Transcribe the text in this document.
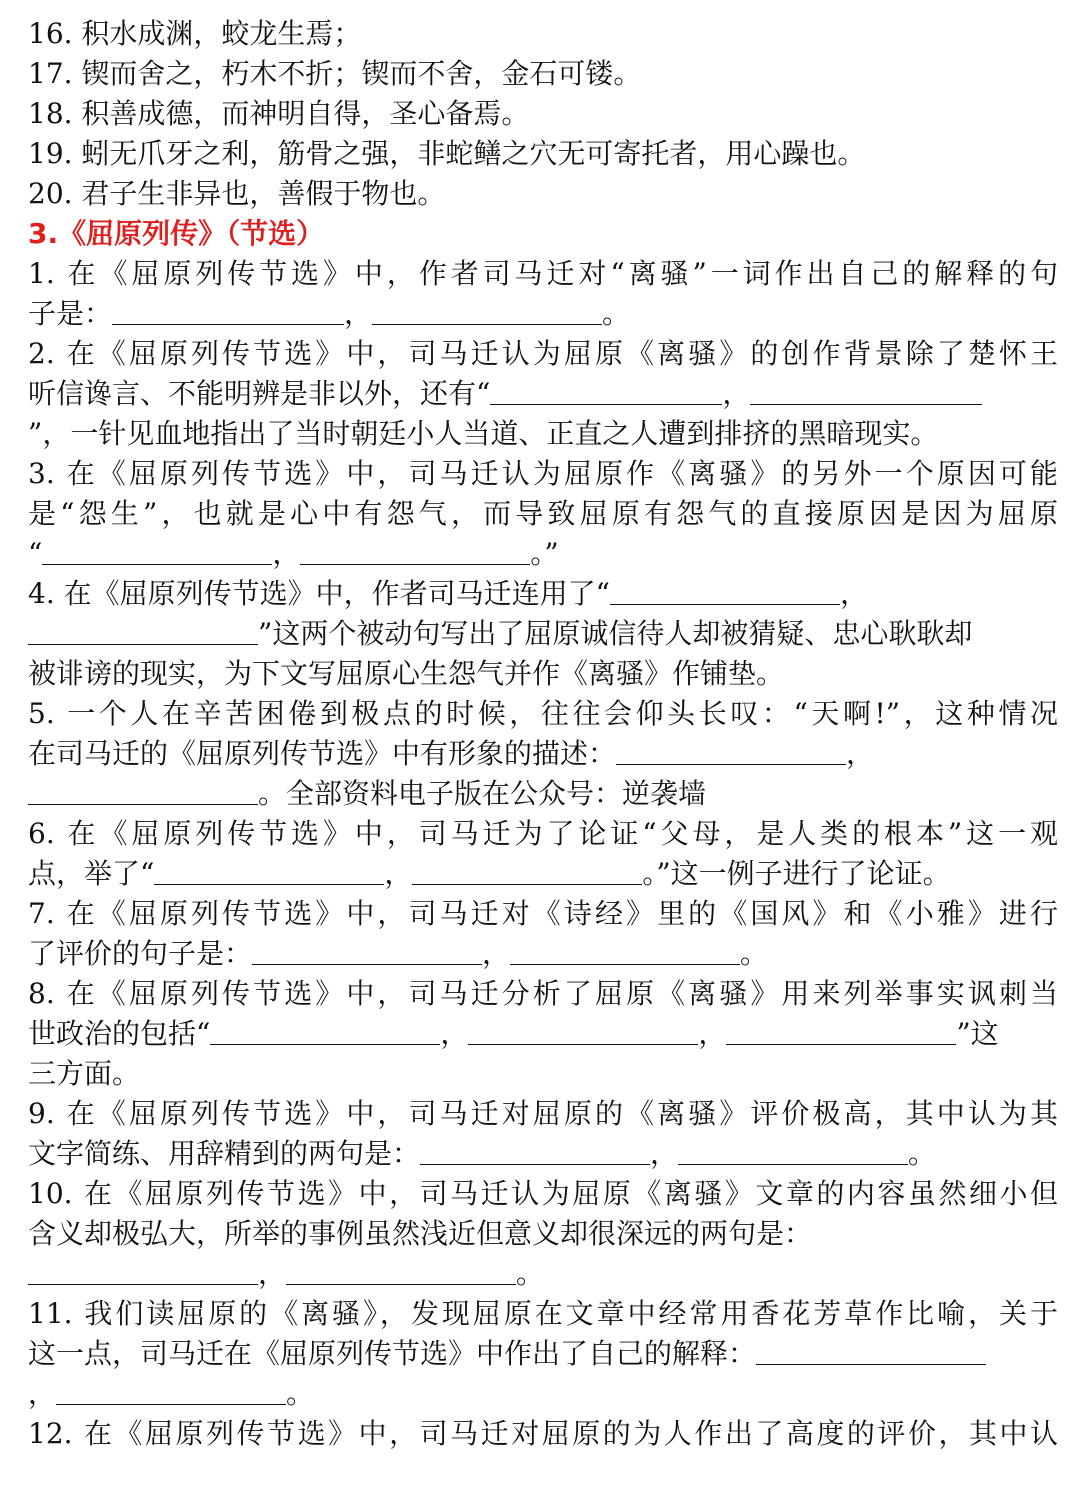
16. 积水成渊，蛟龙生焉；
17. 锲而舍之，朽木不折；锲而不舍，金石可镂。
18. 积善成德，而神明自得，圣心备焉。
19. 蚓无爪牙之利，筋骨之强，非蛇鳝之穴无可寄托者，用心躁也。
20. 君子生非异也，善假于物也。
3.《屈原列传》（节选）
1. 在《屈原列传节选》中，作者司马迁对“离骚”一词作出自己的解释的句
子是：	，	。
2. 在《屈原列传节选》中，司马迁认为屈原《离骚》的创作背景除了楚怀王
听信谗言、不能明辨是非以外，还有“	，
”，一针见血地指出了当时朝廷小人当道、正直之人遭到排挤的黑暗现实。
3. 在《屈原列传节选》中，司马迁认为屈原作《离骚》的另外一个原因可能
是“怨生”，也就是心中有怨气，而导致屈原有怨气的直接原因是因为屈原
“	，	。”
4. 在《屈原列传节选》中，作者司马迁连用了“	，
”这两个被动句写出了屈原诚信待人却被猜疑、忠心耿耿却
被诽谤的现实，为下文写屈原心生怨气并作《离骚》作铺垫。
5. 一个人在辛苦困倦到极点的时候，往往会仰头长叹：“天啊!”，这种情况
在司马迁的《屈原列传节选》中有形象的描述：	，
。全部资料电子版在公众号：逆袭墙
6. 在《屈原列传节选》中，司马迁为了论证“父母，是人类的根本”这一观
点，举了“	，	。”这一例子进行了论证。
7. 在《屈原列传节选》中，司马迁对《诗经》里的《国风》和《小雅》进行
了评价的句子是：	，	。
8. 在《屈原列传节选》中，司马迁分析了屈原《离骚》用来列举事实讽刺当
世政治的包括“	，	，	”这
三方面。
9. 在《屈原列传节选》中，司马迁对屈原的《离骚》评价极高，其中认为其
文字简练、用辞精到的两句是：	，	。
10. 在《屈原列传节选》中，司马迁认为屈原《离骚》文章的内容虽然细小但
含义却极弘大，所举的事例虽然浅近但意义却很深远的两句是：
，	。
11. 我们读屈原的《离骚》，发现屈原在文章中经常用香花芳草作比喻，关于
这一点，司马迁在《屈原列传节选》中作出了自己的解释：
，	。
12. 在《屈原列传节选》中，司马迁对屈原的为人作出了高度的评价，其中认
